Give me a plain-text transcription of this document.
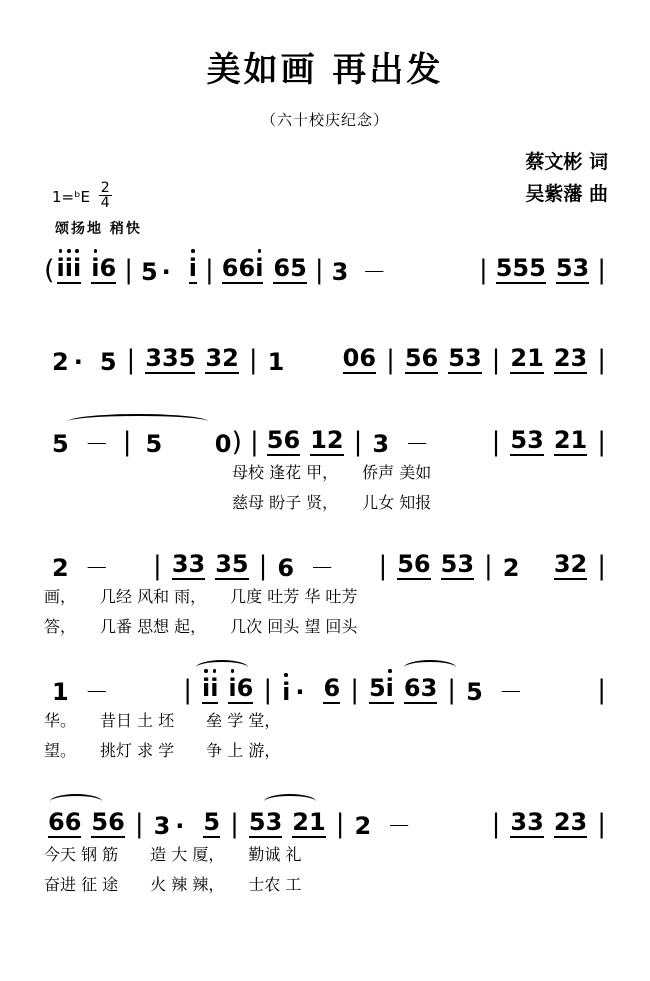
美如画 再出发
（六十校庆纪念）
蔡文彬 词
吴紫藩 曲
1=ᵇE $\frac{2}{4}$
颂扬地 稍快
( i i i i 6 | 5 · i | 6 6 i 6 5 | 3 －	| 5 5 5 5 3 |
2 · 5 | 3 3 5 3 2 | 1 0 6 | 5 6 5 3 | 2 1 2 3 |
5 － | 5 0 ) | 5 6 1 2 | 3 － | 5 3 2 1 |
母校 逢花 甲，　　侨声 美如
慈母 盼子 贤，　　儿女 知报
2 － | 3 3 3 5 | 6 － | 5 6 5 3 | 2 3 2 |
画，　　几经 风和 雨，　　几度 吐芳 华 吐芳
答，　　几番 思想 起，　　几次 回头 望 回头
1 －	| i i i 6 | i · 6 | 5 i 6 3 | 5 －	|
华。　　昔日 土 坯　　垒 学 堂，
望。　　挑灯 求 学　　争 上 游，
6 6 5 6 | 3 · 5 | 5 3 2 1 | 2 －	| 3 3 2 3 |
今天 钢 筋　　造 大 厦，　　勤诚 礼
奋进 征 途　　火 辣 辣，　　士农 工
